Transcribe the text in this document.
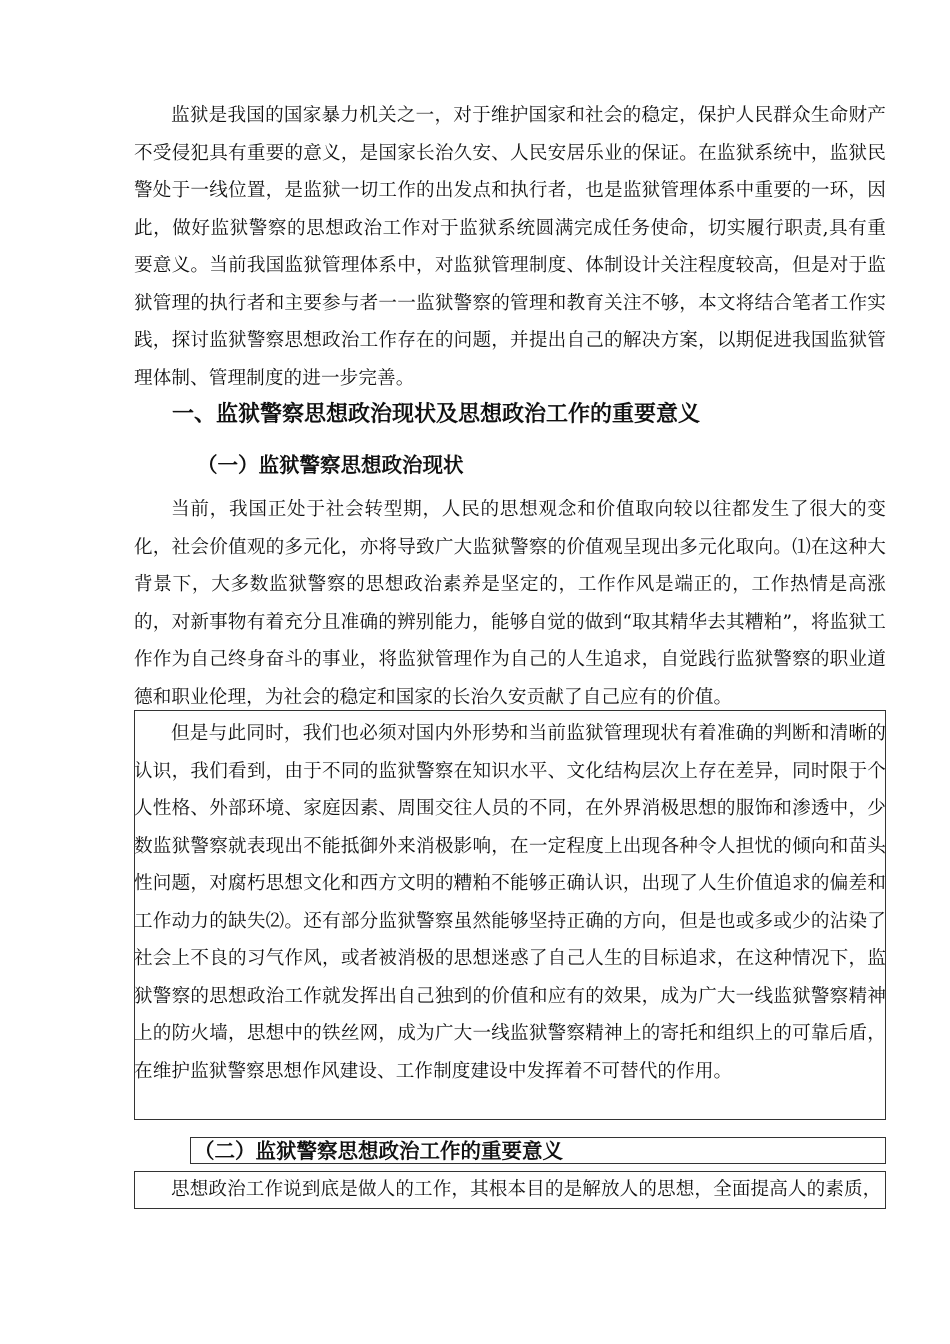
监狱是我国的国家暴力机关之一，对于维护国家和社会的稳定，保护人民群众生命财产不受侵犯具有重要的意义，是国家长治久安、人民安居乐业的保证。在监狱系统中，监狱民警处于一线位置，是监狱一切工作的出发点和执行者，也是监狱管理体系中重要的一环，因此，做好监狱警察的思想政治工作对于监狱系统圆满完成任务使命，切实履行职责,具有重要意义。当前我国监狱管理体系中，对监狱管理制度、体制设计关注程度较高，但是对于监狱管理的执行者和主要参与者一一监狱警察的管理和教育关注不够，本文将结合笔者工作实践，探讨监狱警察思想政治工作存在的问题，并提出自己的解决方案，以期促进我国监狱管理体制、管理制度的进一步完善。

一、监狱警察思想政治现状及思想政治工作的重要意义
（一）监狱警察思想政治现状

当前，我国正处于社会转型期，人民的思想观念和价值取向较以往都发生了很大的变化，社会价值观的多元化，亦将导致广大监狱警察的价值观呈现出多元化取向。⑴在这种大背景下，大多数监狱警察的思想政治素养是坚定的，工作作风是端正的，工作热情是高涨的，对新事物有着充分且准确的辨别能力，能够自觉的做到“取其精华去其糟粕”，将监狱工作作为自己终身奋斗的事业，将监狱管理作为自己的人生追求，自觉践行监狱警察的职业道德和职业伦理，为社会的稳定和国家的长治久安贡献了自己应有的价值。

但是与此同时，我们也必须对国内外形势和当前监狱管理现状有着准确的判断和清晰的认识，我们看到，由于不同的监狱警察在知识水平、文化结构层次上存在差异，同时限于个人性格、外部环境、家庭因素、周围交往人员的不同，在外界消极思想的服饰和渗透中，少数监狱警察就表现出不能抵御外来消极影响，在一定程度上出现各种令人担忧的倾向和苗头性问题，对腐朽思想文化和西方文明的糟粕不能够正确认识，出现了人生价值追求的偏差和工作动力的缺失⑵。还有部分监狱警察虽然能够坚持正确的方向，但是也或多或少的沾染了社会上不良的习气作风，或者被消极的思想迷惑了自己人生的目标追求，在这种情况下，监狱警察的思想政治工作就发挥出自己独到的价值和应有的效果，成为广大一线监狱警察精神上的防火墙，思想中的铁丝网，成为广大一线监狱警察精神上的寄托和组织上的可靠后盾，在维护监狱警察思想作风建设、工作制度建设中发挥着不可替代的作用。

（二）监狱警察思想政治工作的重要意义

思想政治工作说到底是做人的工作，其根本目的是解放人的思想，全面提高人的素质，
